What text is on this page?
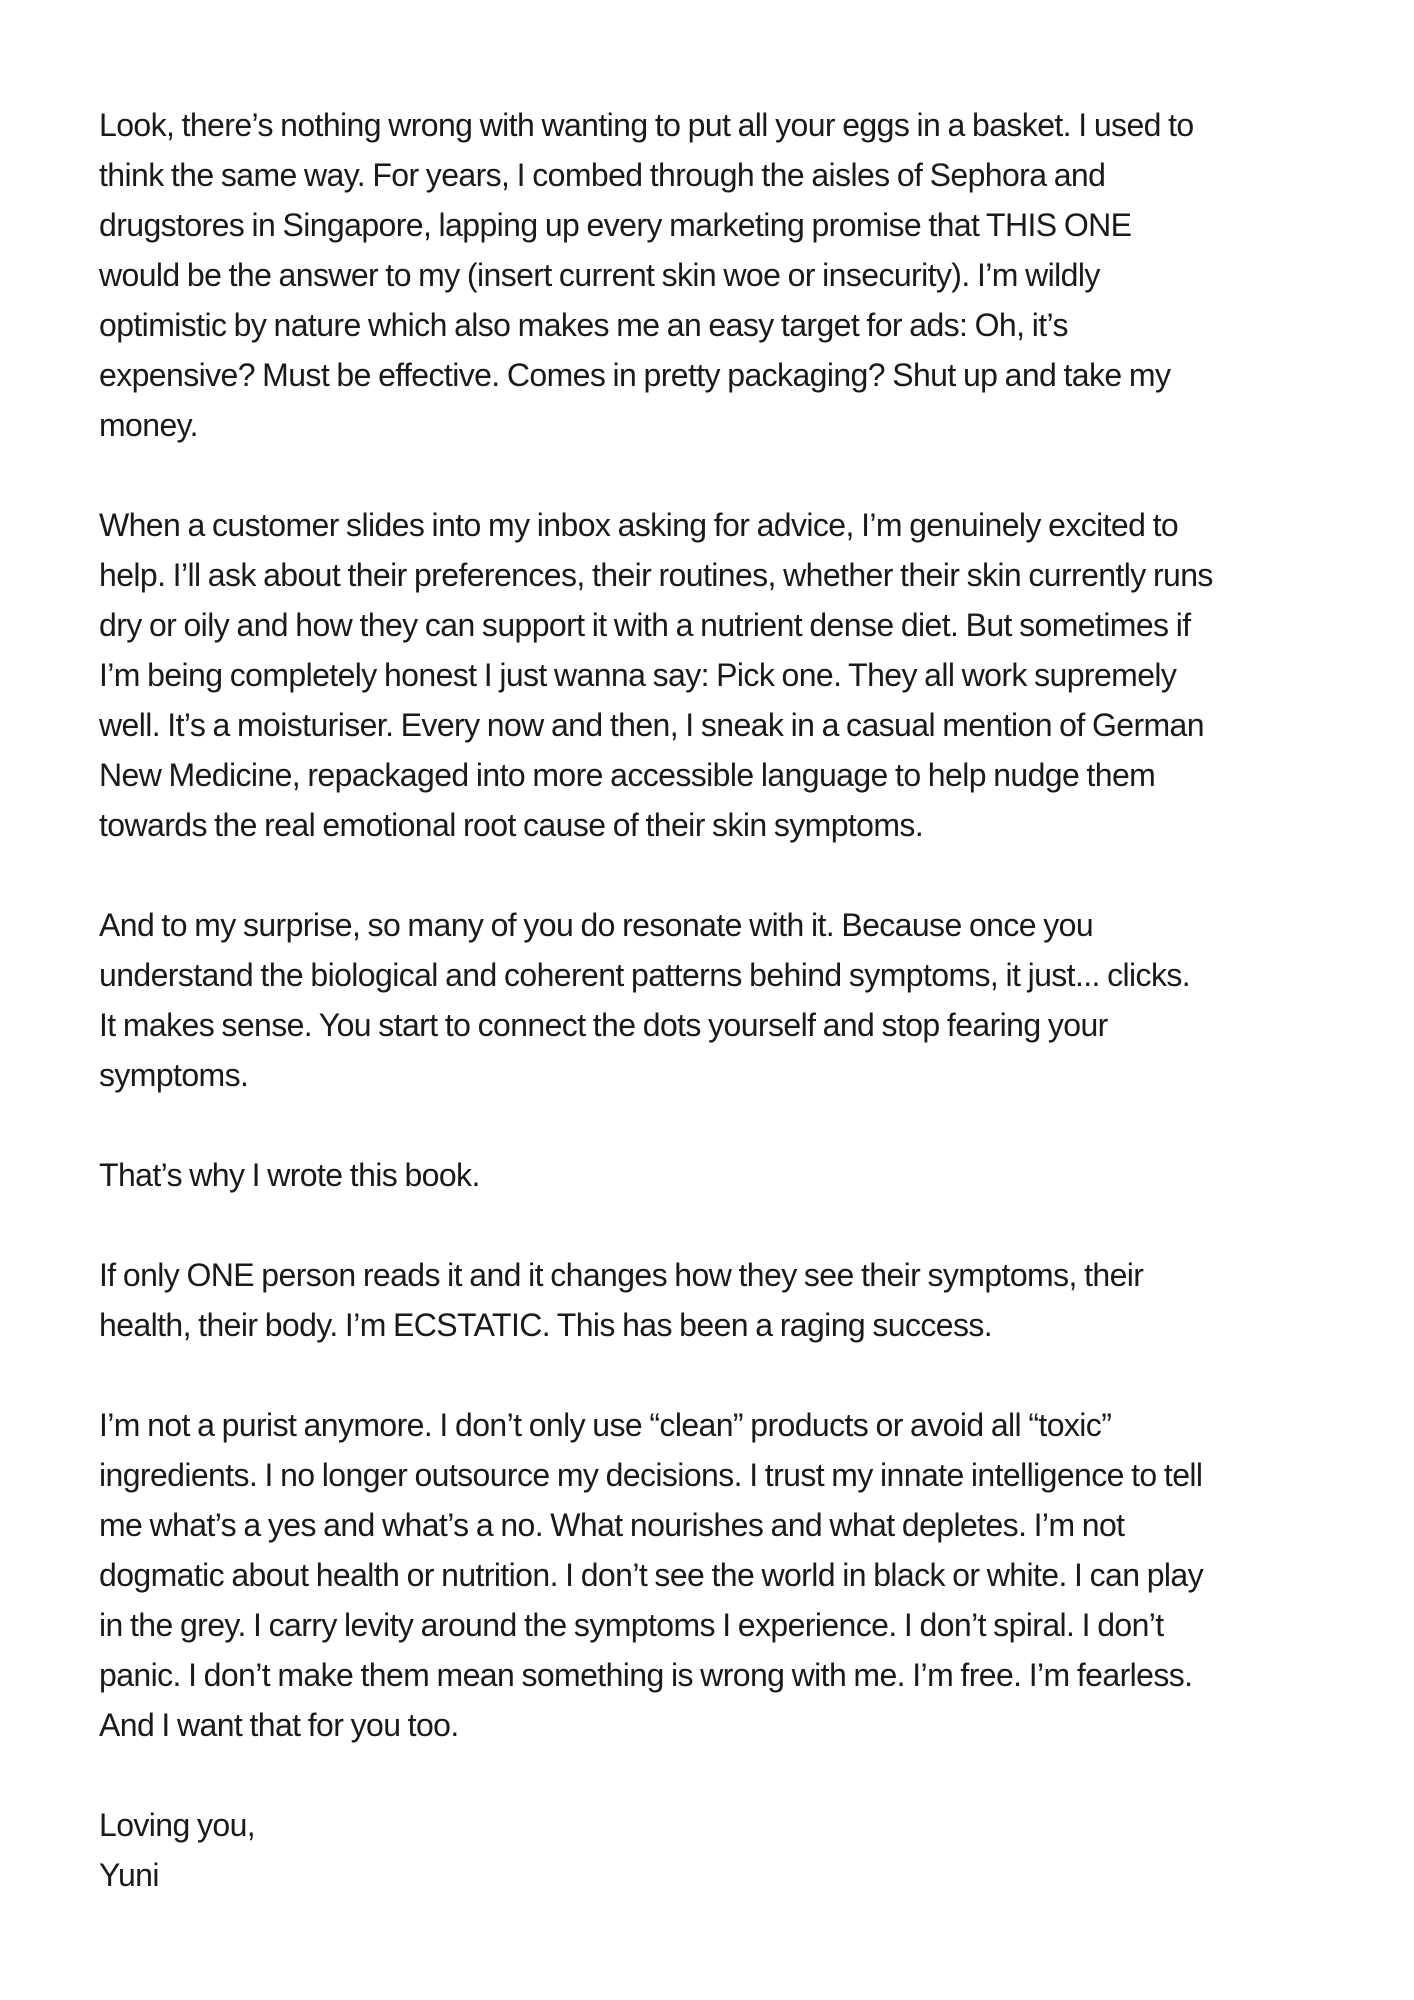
Look, there’s nothing wrong with wanting to put all your eggs in a basket. I used to
think the same way. For years, I combed through the aisles of Sephora and
drugstores in Singapore, lapping up every marketing promise that THIS ONE
would be the answer to my (insert current skin woe or insecurity). I’m wildly
optimistic by nature which also makes me an easy target for ads: Oh, it’s
expensive? Must be effective. Comes in pretty packaging? Shut up and take my
money.

When a customer slides into my inbox asking for advice, I’m genuinely excited to
help. I’ll ask about their preferences, their routines, whether their skin currently runs
dry or oily and how they can support it with a nutrient dense diet. But sometimes if
I’m being completely honest I just wanna say: Pick one. They all work supremely
well. It’s a moisturiser. Every now and then, I sneak in a casual mention of German
New Medicine, repackaged into more accessible language to help nudge them
towards the real emotional root cause of their skin symptoms.

And to my surprise, so many of you do resonate with it. Because once you
understand the biological and coherent patterns behind symptoms, it just... clicks.
It makes sense. You start to connect the dots yourself and stop fearing your
symptoms.

That’s why I wrote this book.

If only ONE person reads it and it changes how they see their symptoms, their
health, their body. I’m ECSTATIC. This has been a raging success.

I’m not a purist anymore. I don’t only use “clean” products or avoid all “toxic”
ingredients. I no longer outsource my decisions. I trust my innate intelligence to tell
me what’s a yes and what’s a no. What nourishes and what depletes. I’m not
dogmatic about health or nutrition. I don’t see the world in black or white. I can play
in the grey. I carry levity around the symptoms I experience. I don’t spiral. I don’t
panic. I don’t make them mean something is wrong with me. I’m free. I’m fearless.
And I want that for you too.

Loving you,
Yuni
